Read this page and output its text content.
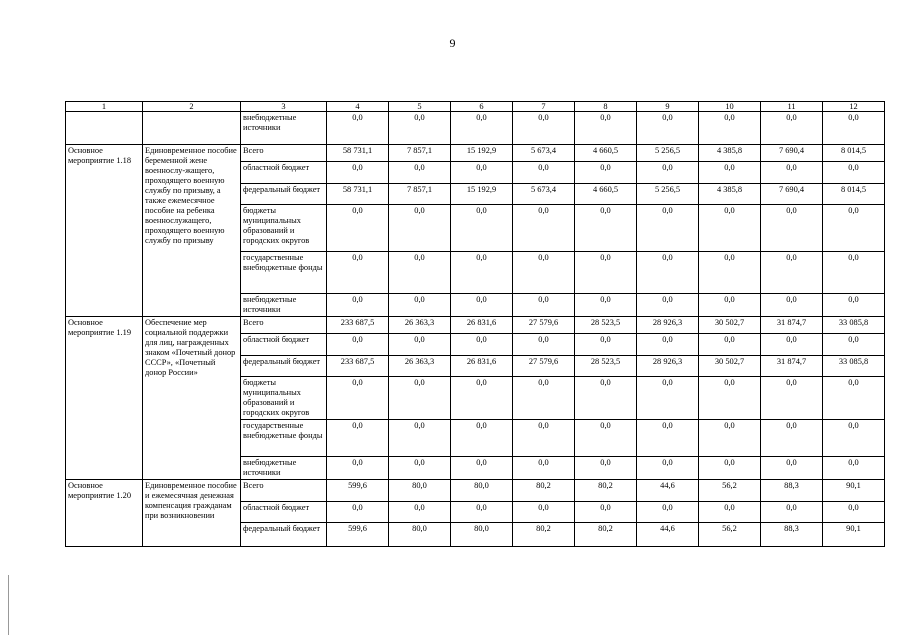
9
1	2	3	4	5	6	7	8	9	10	11	12
		внебюджетные источники	0,0	0,0	0,0	0,0	0,0	0,0	0,0	0,0	0,0
Основное мероприятие 1.18	Единовременное пособие беременной жене военнослу-жащего, проходящего военную службу по призыву, а также ежемесячное пособие на ребенка военнослужащего, проходящего военную службу по призыву	Всего	58 731,1	7 857,1	15 192,9	5 673,4	4 660,5	5 256,5	4 385,8	7 690,4	8 014,5
		областной бюджет	0,0	0,0	0,0	0,0	0,0	0,0	0,0	0,0	0,0
		федеральный бюджет	58 731,1	7 857,1	15 192,9	5 673,4	4 660,5	5 256,5	4 385,8	7 690,4	8 014,5
		бюджеты муниципальных образований и городских округов	0,0	0,0	0,0	0,0	0,0	0,0	0,0	0,0	0,0
		государственные внебюджетные фонды	0,0	0,0	0,0	0,0	0,0	0,0	0,0	0,0	0,0
		внебюджетные источники	0,0	0,0	0,0	0,0	0,0	0,0	0,0	0,0	0,0
Основное мероприятие 1.19	Обеспечение мер социальной поддержки для лиц, награжденных знаком «Почетный донор СССР», «Почетный донор России»	Всего	233 687,5	26 363,3	26 831,6	27 579,6	28 523,5	28 926,3	30 502,7	31 874,7	33 085,8
		областной бюджет	0,0	0,0	0,0	0,0	0,0	0,0	0,0	0,0	0,0
		федеральный бюджет	233 687,5	26 363,3	26 831,6	27 579,6	28 523,5	28 926,3	30 502,7	31 874,7	33 085,8
		бюджеты муниципальных образований и городских округов	0,0	0,0	0,0	0,0	0,0	0,0	0,0	0,0	0,0
		государственные внебюджетные фонды	0,0	0,0	0,0	0,0	0,0	0,0	0,0	0,0	0,0
		внебюджетные источники	0,0	0,0	0,0	0,0	0,0	0,0	0,0	0,0	0,0
Основное мероприятие 1.20	Единовременное пособие и ежемесячная денежная компенсация гражданам при возникновении	Всего	599,6	80,0	80,0	80,2	80,2	44,6	56,2	88,3	90,1
		областной бюджет	0,0	0,0	0,0	0,0	0,0	0,0	0,0	0,0	0,0
		федеральный бюджет	599,6	80,0	80,0	80,2	80,2	44,6	56,2	88,3	90,1
